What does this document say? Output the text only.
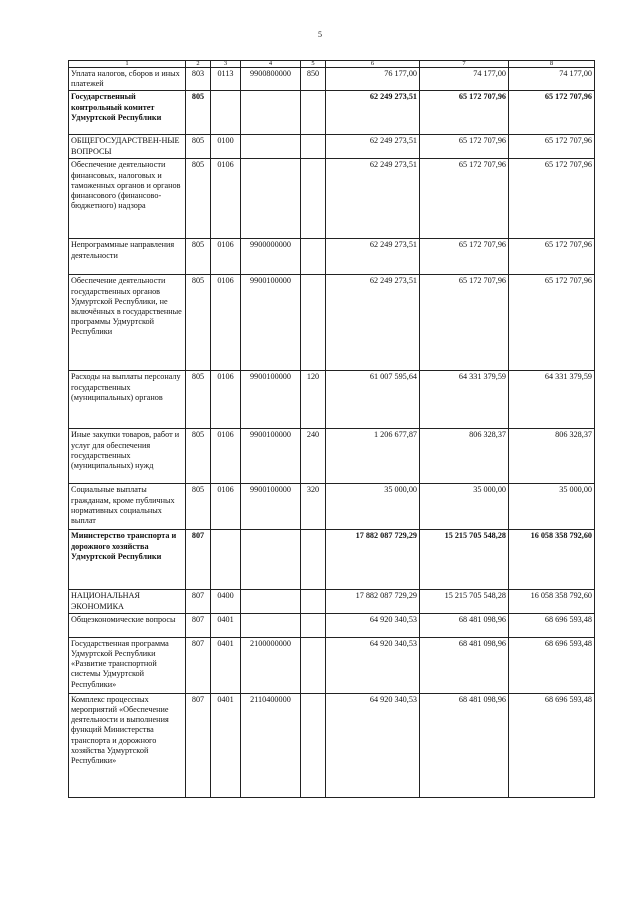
5
1	2	3	4	5	6	7	8
Уплата налогов, сборов и иных платежей	803	0113	9900800000	850	76 177,00	74 177,00	74 177,00
Государственный контрольный комитет Удмуртской Республики	805				62 249 273,51	65 172 707,96	65 172 707,96
ОБЩЕГОСУДАРСТВЕН-НЫЕ ВОПРОСЫ	805	0100			62 249 273,51	65 172 707,96	65 172 707,96
Обеспечение деятельности финансовых, налоговых и таможенных органов и органов финансового (финансово-бюджетного) надзора	805	0106			62 249 273,51	65 172 707,96	65 172 707,96
Непрограммные направления деятельности	805	0106	9900000000		62 249 273,51	65 172 707,96	65 172 707,96
Обеспечение деятельности государственных органов Удмуртской Республики, не включённых в государственные программы Удмуртской Республики	805	0106	9900100000		62 249 273,51	65 172 707,96	65 172 707,96
Расходы на выплаты персоналу государственных (муниципальных) органов	805	0106	9900100000	120	61 007 595,64	64 331 379,59	64 331 379,59
Иные закупки товаров, работ и услуг для обеспечения государственных (муниципальных) нужд	805	0106	9900100000	240	1 206 677,87	806 328,37	806 328,37
Социальные выплаты гражданам, кроме публичных нормативных социальных выплат	805	0106	9900100000	320	35 000,00	35 000,00	35 000,00
Министерство транспорта и дорожного хозяйства Удмуртской Республики	807				17 882 087 729,29	15 215 705 548,28	16 058 358 792,60
НАЦИОНАЛЬНАЯ ЭКОНОМИКА	807	0400			17 882 087 729,29	15 215 705 548,28	16 058 358 792,60
Общеэкономические вопросы	807	0401			64 920 340,53	68 481 098,96	68 696 593,48
Государственная программа Удмуртской Республики «Развитие транспортной системы Удмуртской Республики»	807	0401	2100000000		64 920 340,53	68 481 098,96	68 696 593,48
Комплекс процессных мероприятий «Обеспечение деятельности и выполнения функций Министерства транспорта и дорожного хозяйства Удмуртской Республики»	807	0401	2110400000		64 920 340,53	68 481 098,96	68 696 593,48
